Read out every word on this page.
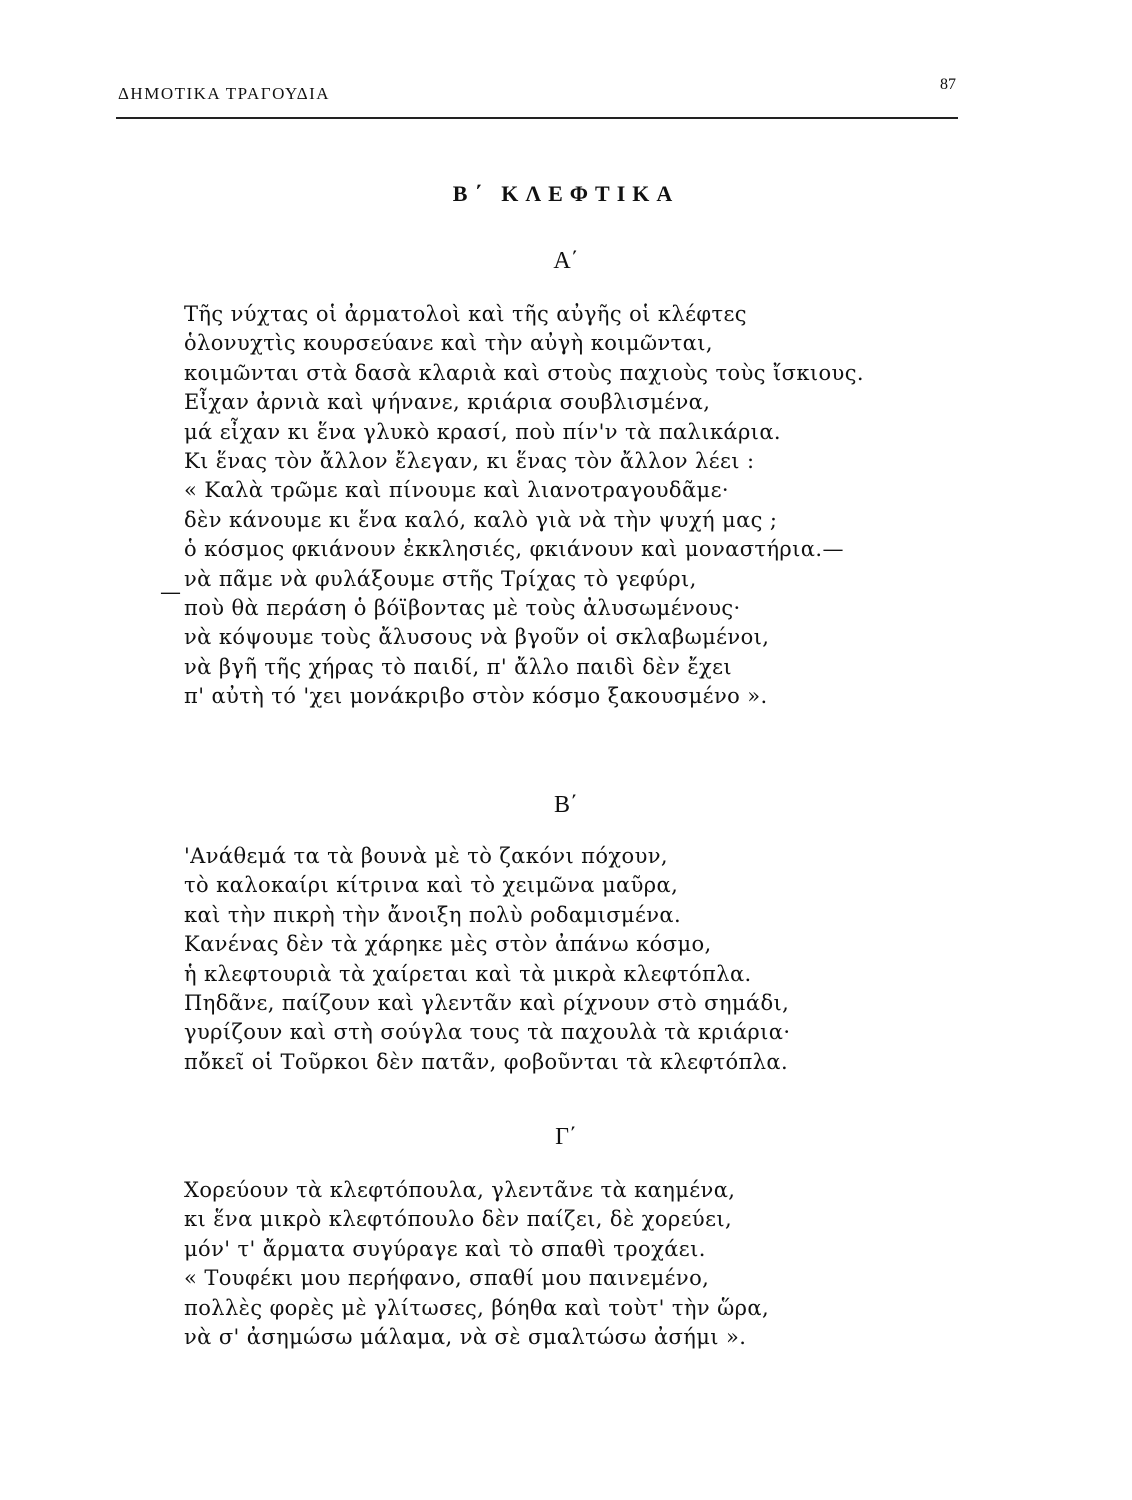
ΔΗΜΟΤΙΚΑ ΤΡΑΓΟΥΔΙΑ	87
Β΄ ΚΛΕΦΤΙΚΑ
Α΄
Τῆς νύχτας οἱ ἀρματολοὶ καὶ τῆς αὐγῆς οἱ κλέφτες
ὁλονυχτὶς κουρσεύανε καὶ τὴν αὐγὴ κοιμῶνται,
κοιμῶνται στὰ δασὰ κλαριὰ καὶ στοὺς παχιοὺς τοὺς ἴσκιους.
Εἶχαν ἀρνιὰ καὶ ψήνανε, κριάρια σουβλισμένα,
μά εἶχαν κι ἕνα γλυκὸ κρασί, ποὺ πίν'ν τὰ παλικάρια.
Κι ἕνας τὸν ἄλλον ἔλεγαν, κι ἕνας τὸν ἄλλον λέει :
« Καλὰ τρῶμε καὶ πίνουμε καὶ λιανοτραγουδᾶμε·
δὲν κάνουμε κι ἕνα καλό, καλὸ γιὰ νὰ τὴν ψυχή μας ;
ὁ κόσμος φκιάνουν ἐκκλησιές, φκιάνουν καὶ μοναστήρια.—
νὰ πᾶμε νὰ φυλάξουμε στῆς Τρίχας τὸ γεφύρι,
ποὺ θὰ περάση ὁ βόϊβοντας μὲ τοὺς ἀλυσωμένους·
νὰ κόψουμε τοὺς ἄλυσους νὰ βγοῦν οἱ σκλαβωμένοι,
νὰ βγῆ τῆς χήρας τὸ παιδί, π' ἄλλο παιδὶ δὲν ἔχει
π' αὐτὴ τό 'χει μονάκριβο στὸν κόσμο ξακουσμένο ».
—
Β΄
'Ανάθεμά τα τὰ βουνὰ μὲ τὸ ζακόνι πόχουν,
τὸ καλοκαίρι κίτρινα καὶ τὸ χειμῶνα μαῦρα,
καὶ τὴν πικρὴ τὴν ἄνοιξη πολὺ ροδαμισμένα.
Κανένας δὲν τὰ χάρηκε μὲς στὸν ἀπάνω κόσμο,
ἡ κλεφτουριὰ τὰ χαίρεται καὶ τὰ μικρὰ κλεφτόπλα.
Πηδᾶνε, παίζουν καὶ γλεντᾶν καὶ ρίχνουν στὸ σημάδι,
γυρίζουν καὶ στὴ σούγλα τους τὰ παχουλὰ τὰ κριάρια·
πὄκεῖ οἱ Τοῦρκοι δὲν πατᾶν, φοβοῦνται τὰ κλεφτόπλα.
Γ΄
Χορεύουν τὰ κλεφτόπουλα, γλεντᾶνε τὰ καημένα,
κι ἕνα μικρὸ κλεφτόπουλο δὲν παίζει, δὲ χορεύει,
μόν' τ' ἄρματα συγύραγε καὶ τὸ σπαθὶ τροχάει.
« Τουφέκι μου περήφανο, σπαθί μου παινεμένο,
πολλὲς φορὲς μὲ γλίτωσες, βόηθα καὶ τοὺτ' τὴν ὥρα,
νὰ σ' ἀσημώσω μάλαμα, νὰ σὲ σμαλτώσω ἀσήμι ».
